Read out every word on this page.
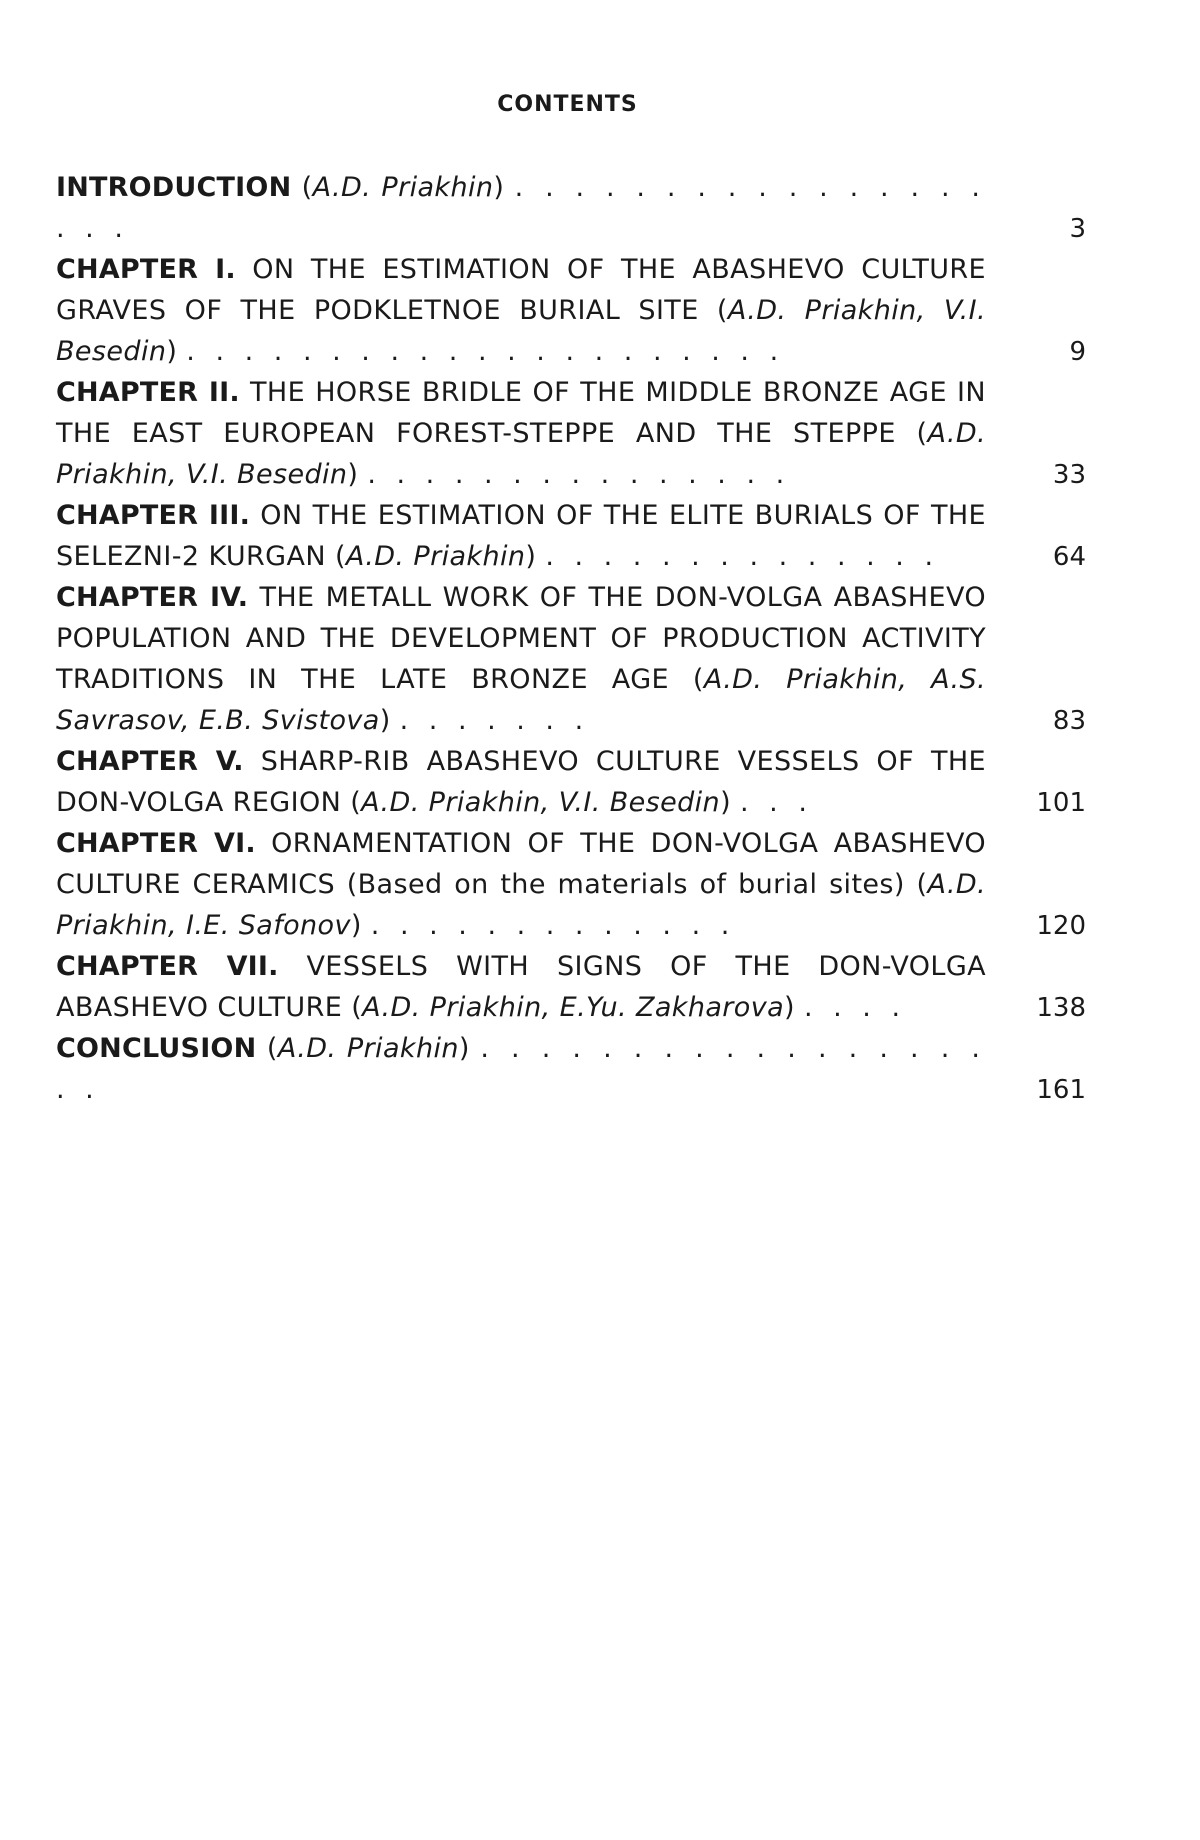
CONTENTS
INTRODUCTION (A.D. Priakhin) . . . . . . . . . . . . . . . . . . .	3
CHAPTER I. ON THE ESTIMATION OF THE ABASHEVO CULTURE GRAVES OF THE PODKLETNOE BURIAL SITE (A.D. Priakhin, V.I. Besedin) . . . . . . . . . . . . . . . . . . . . .	9
CHAPTER II. THE HORSE BRIDLE OF THE MIDDLE BRONZE AGE IN THE EAST EUROPEAN FOREST-STEPPE AND THE STEPPE (A.D. Priakhin, V.I. Besedin) . . . . . . . . . . . . . . .	33
CHAPTER III. ON THE ESTIMATION OF THE ELITE BURIALS OF THE SELEZNI-2 KURGAN (A.D. Priakhin) . . . . . . . . . . . . . .	64
CHAPTER IV. THE METALL WORK OF THE DON-VOLGA ABASHEVO POPULATION AND THE DEVELOPMENT OF PRODUCTION ACTIVITY TRADITIONS IN THE LATE BRONZE AGE (A.D. Priakhin, A.S. Savrasov, E.B. Svistova) . . . . . . .	83
CHAPTER V. SHARP-RIB ABASHEVO CULTURE VESSELS OF THE DON-VOLGA REGION (A.D. Priakhin, V.I. Besedin) . . .	101
CHAPTER VI. ORNAMENTATION OF THE DON-VOLGA ABASHEVO CULTURE CERAMICS (Based on the materials of burial sites) (A.D. Priakhin, I.E. Safonov) . . . . . . . . . . . . .	120
CHAPTER VII. VESSELS WITH SIGNS OF THE DON-VOLGA ABASHEVO CULTURE (A.D. Priakhin, E.Yu. Zakharova) . . . .	138
CONCLUSION (A.D. Priakhin) . . . . . . . . . . . . . . . . . . .	161
